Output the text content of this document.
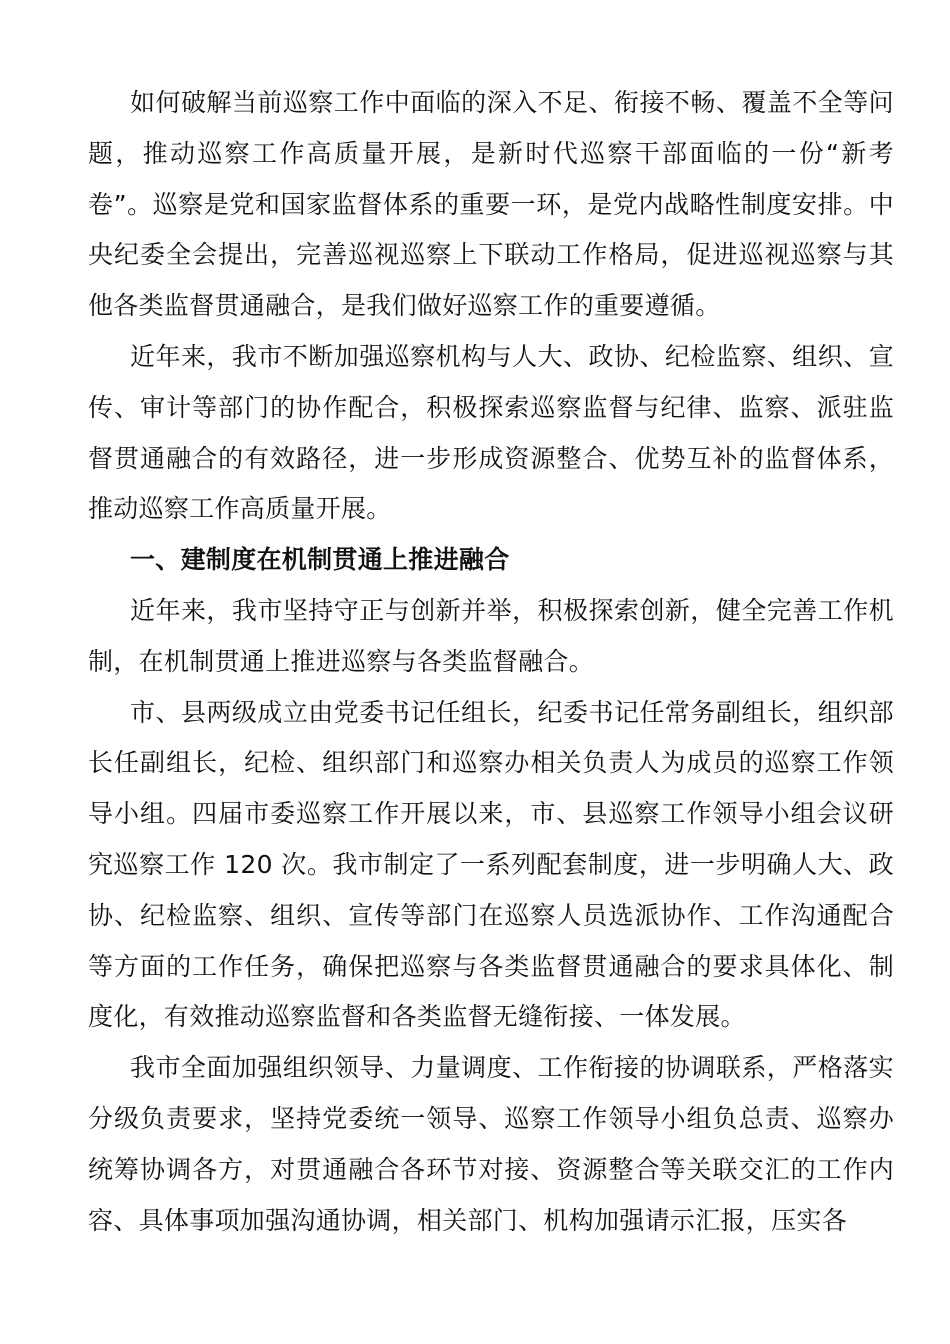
如何破解当前巡察工作中面临的深入不足、衔接不畅、覆盖不全等问题，推动巡察工作高质量开展，是新时代巡察干部面临的一份“新考卷”。巡察是党和国家监督体系的重要一环，是党内战略性制度安排。中央纪委全会提出，完善巡视巡察上下联动工作格局，促进巡视巡察与其他各类监督贯通融合，是我们做好巡察工作的重要遵循。

近年来，我市不断加强巡察机构与人大、政协、纪检监察、组织、宣传、审计等部门的协作配合，积极探索巡察监督与纪律、监察、派驻监督贯通融合的有效路径，进一步形成资源整合、优势互补的监督体系，推动巡察工作高质量开展。

一、建制度在机制贯通上推进融合

近年来，我市坚持守正与创新并举，积极探索创新，健全完善工作机制，在机制贯通上推进巡察与各类监督融合。

市、县两级成立由党委书记任组长，纪委书记任常务副组长，组织部长任副组长，纪检、组织部门和巡察办相关负责人为成员的巡察工作领导小组。四届市委巡察工作开展以来，市、县巡察工作领导小组会议研究巡察工作 120 次。我市制定了一系列配套制度，进一步明确人大、政协、纪检监察、组织、宣传等部门在巡察人员选派协作、工作沟通配合等方面的工作任务，确保把巡察与各类监督贯通融合的要求具体化、制度化，有效推动巡察监督和各类监督无缝衔接、一体发展。

我市全面加强组织领导、力量调度、工作衔接的协调联系，严格落实分级负责要求，坚持党委统一领导、巡察工作领导小组负总责、巡察办统筹协调各方，对贯通融合各环节对接、资源整合等关联交汇的工作内容、具体事项加强沟通协调，相关部门、机构加强请示汇报，压实各
